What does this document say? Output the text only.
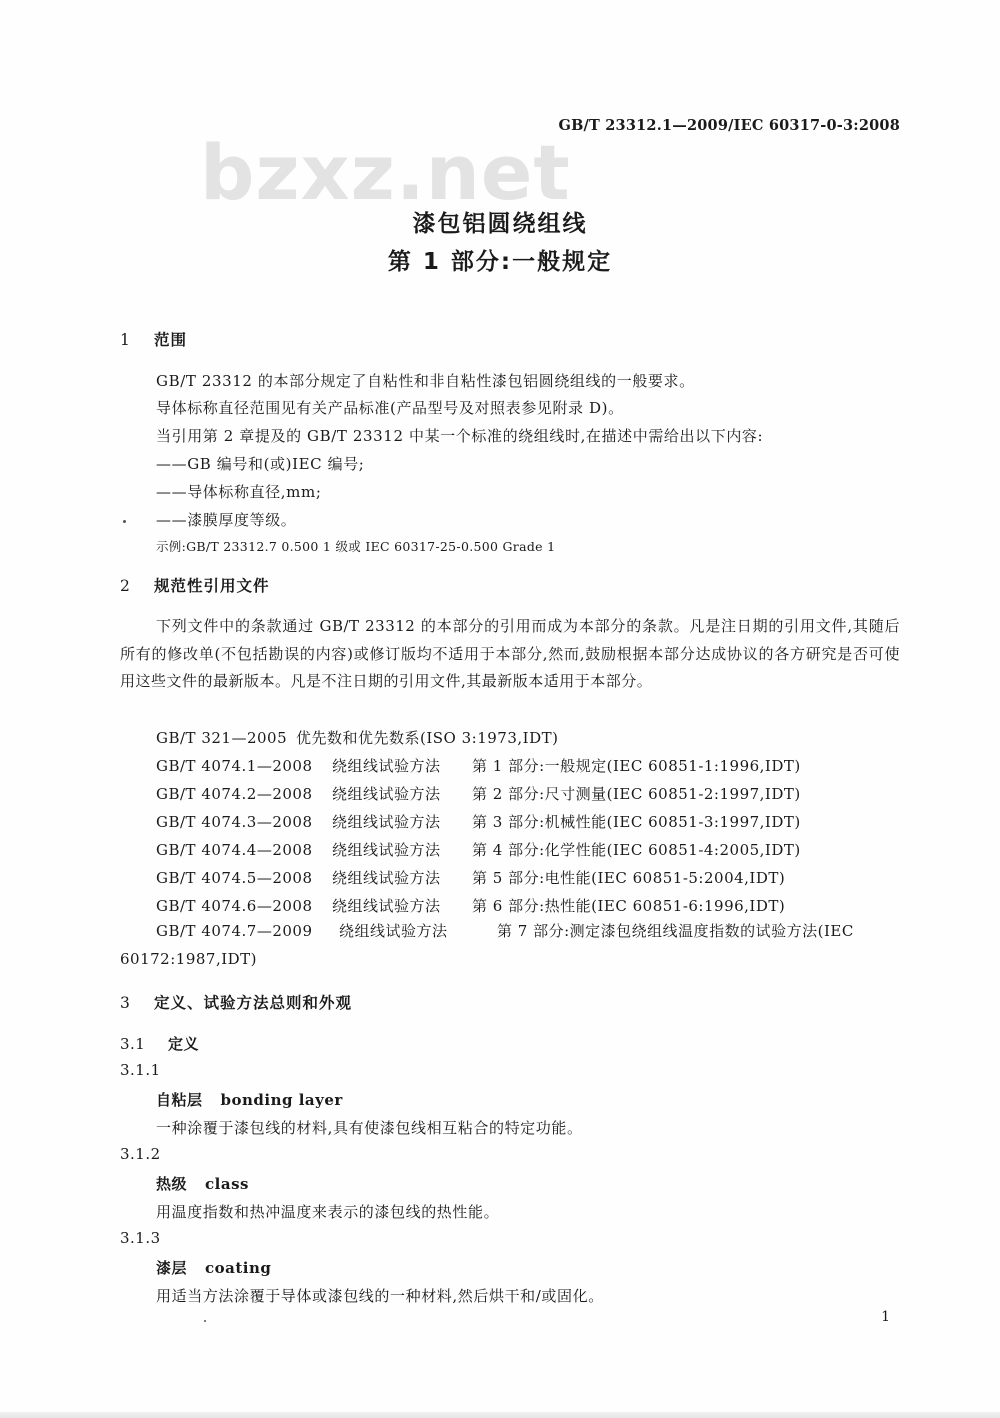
bzxz.net
GB/T 23312.1—2009/IEC 60317-0-3:2008
漆包铝圆绕组线
第 1 部分:一般规定
1 范围
GB/T 23312 的本部分规定了自粘性和非自粘性漆包铝圆绕组线的一般要求。
导体标称直径范围见有关产品标准(产品型号及对照表参见附录 D)。
当引用第 2 章提及的 GB/T 23312 中某一个标准的绕组线时,在描述中需给出以下内容:
——GB 编号和(或)IEC 编号;
——导体标称直径,mm;
——漆膜厚度等级。
示例:GB/T 23312.7 0.500 1 级或 IEC 60317-25-0.500 Grade 1
2 规范性引用文件
下列文件中的条款通过 GB/T 23312 的本部分的引用而成为本部分的条款。凡是注日期的引用文件,其随后所有的修改单(不包括勘误的内容)或修订版均不适用于本部分,然而,鼓励根据本部分达成协议的各方研究是否可使用这些文件的最新版本。凡是不注日期的引用文件,其最新版本适用于本部分。
GB/T 321—2005 优先数和优先数系(ISO 3:1973,IDT)
GB/T 4074.1—2008 绕组线试验方法 第 1 部分:一般规定(IEC 60851-1:1996,IDT)
GB/T 4074.2—2008 绕组线试验方法 第 2 部分:尺寸测量(IEC 60851-2:1997,IDT)
GB/T 4074.3—2008 绕组线试验方法 第 3 部分:机械性能(IEC 60851-3:1997,IDT)
GB/T 4074.4—2008 绕组线试验方法 第 4 部分:化学性能(IEC 60851-4:2005,IDT)
GB/T 4074.5—2008 绕组线试验方法 第 5 部分:电性能(IEC 60851-5:2004,IDT)
GB/T 4074.6—2008 绕组线试验方法 第 6 部分:热性能(IEC 60851-6:1996,IDT)
GB/T 4074.7—2009 绕组线试验方法	第 7 部分:测定漆包绕组线温度指数的试验方法(IEC 60172:1987,IDT)
3 定义、试验方法总则和外观
3.1 定义
3.1.1
自粘层 bonding layer
一种涂覆于漆包线的材料,具有使漆包线相互粘合的特定功能。
3.1.2
热级 class
用温度指数和热冲温度来表示的漆包线的热性能。
3.1.3
漆层 coating
用适当方法涂覆于导体或漆包线的一种材料,然后烘干和/或固化。
1
